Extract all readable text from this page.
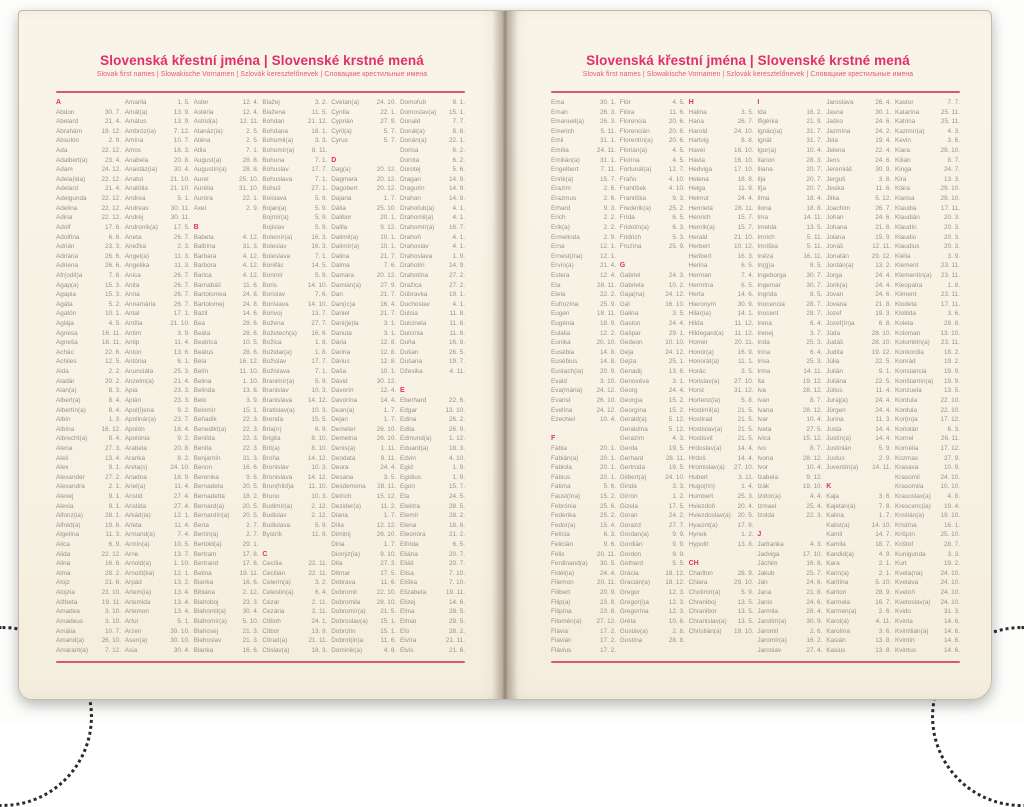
Slovenská křestní jména | Slovenské krstné mená
Slovak first names | Slowakische Vornamen | Szlovák keresztelőnevek | Словацкие крестильные имена
A
Abdon	30. 7.
Abelard	21. 4.
Abrahám	19. 12.
Absolón	2. 9.
Ada	22. 12.
Adalbert(a)	23. 4.
Adam	24. 12.
Adela(ida)	22. 12.
Adelard	21. 4.
Adelgunda	22. 12.
Adelina	22. 12.
Adina	22. 12.
Adolf	17. 6.
Adolfína	6. 6.
Adrián	23. 3.
Adriána	26. 6.
Adriena	26. 6.
Afr(odit)a	7. 8.
Agap(a)	15. 3.
Agapia	15. 3.
Agáta	5. 2.
Agatón	10. 1.
Aglája	4. 5.
Agnesa	16. 11.
Agneša	16. 11.
Achác	22. 6.
Achiles	12. 5.
Aida	2. 2.
Aladár	20. 2.
Alan(a)	8. 3.
Albert(a)	8. 4.
Albertín(a)	8. 4.
Albín	1. 3.
Albína	16. 12.
Albrecht(a)	8. 4.
Alena	27. 3.
Aleš	13. 4.
Alex	9. 1.
Alexander	27. 2.
Alexandra	2. 1.
Alexej	9. 1.
Alexia	9. 1.
Alfonz(ia)	28. 1.
Alfréd(a)	19. 6.
Algelína	11. 3.
Alica	6. 9.
Alida	22. 12.
Alina	16. 6.
Alma	28. 2.
Alojz	21. 6.
Alojzia	23. 10.
Alžbeta	19. 11.
Amadea	3. 10.
Amadeus	3. 10.
Amália	10. 7.
Amand(a)	26. 10.
Amarant(a)	7. 12.
Amarila	1. 5.
Amát(a)	13. 9.
Amátus	13. 9.
Ambróz(ia)	7. 12.
Amína	10. 7.
Amos	16. 3.
Anabela	20. 8.
Anastáz(ia)	30. 4.
Anatol	21. 10.
Anatólia	21. 10.
Andrea	5. 1.
Andreas	30. 11.
Andrej	30. 11.
Andronik(a)	17. 5.
Aneta	26. 7.
Anežka	2. 3.
Angel(a)	11. 3.
Angelika	11. 3.
Anica	26. 7.
Anita	26. 7.
Anna	26. 7.
Annamária	26. 7.
Antal	17. 1.
Antília	21. 10.
Antim	3. 9.
Antip	11. 4.
Anton	13. 6.
Antónia	6. 1.
Anunciáta	25. 3.
Anzelm(a)	21. 4.
Apia	23. 3.
Apián	23. 3.
Apol(i)ena	9. 2.
Apolinár(a)	23. 7.
Apolón	18. 4.
Apolónia	9. 2.
Arabela	20. 8.
Aranka	8. 2.
Areta(s)	24. 10.
Ariadna	18. 9.
Ariel(a)	11. 4.
Aristid	27. 4.
Aristida	27. 4.
Arkád(ia)	12. 1.
Arleta	11. 4.
Armand(a)	7. 4.
Armín(a)	10. 5.
Arne	13. 7.
Arnold(a)	1. 10.
Arnošt(ka)	12. 1.
Arpád	13. 2.
Artem(ia)	13. 4.
Artemida	13. 4.
Artemon	13. 4.
Artur	5. 1.
Arzen	30. 10.
Asen(a)	30. 10.
Asia	30. 4.
Aster	12. 4.
Astéria	12. 4.
Astrid(a)	12. 11.
Atanáz(ia)	2. 5.
Aténa	2. 5.
Atila	7. 1.
August(a)	28. 8.
Augustín(a)	28. 8.
Aurel	25. 10.
Aurélia	31. 10.
Auróra	22. 1.
Axel	2. 9.
B
Babeta	4. 12.
Balbína	31. 3.
Barbara	4. 12.
Barbora	4. 12.
Barica	4. 12.
Barnabáš	11. 6.
Bartolomea	24. 8.
Bartolomej	24. 8.
Bazil	14. 6.
Bea	28. 6.
Beáta	28. 6.
Beatrica	10. 5.
Beátus	28. 6.
Bela	16. 12.
Belín	11. 10.
Belina	1. 10.
Belinda	13. 8.
Belo	3. 9.
Belomír	15. 1.
Beňadik	22. 3.
Benedikt(a)	22. 3.
Benilda	22. 3.
Benita	22. 3.
Benjamín	31. 3.
Benon	16. 6.
Berenika	9. 6.
Bernadeta	20. 5.
Bernadetta	18. 2.
Bernard(a)	20. 5.
Bernardín(a)	20. 5.
Berta	2. 7.
Bertín(a)	2. 7.
Bertold(a)	29. 1.
Bertram	17. 8.
Bertrand	17. 8.
Betina	19. 11.
Bianka	16. 6.
Bibiána	2. 12.
Blahoboj	23. 3.
Blahomil(a)	30. 4.
Blahomír(a)	5. 10.
Blahosej	21. 3.
Blahoslav	21. 3.
Blanka	16. 6.
Blažej	3. 2.
Blažena	11. 5.
Bohdan	21. 12.
Bohdana	18. 1.
Bohumil(a)	3. 3.
Bohumír(a)	8. 11.
Bohuna	7. 1.
Bohuslav	17. 7.
Bohuslava	7. 1.
Bohuš	27. 1.
Boislava	5. 9.
Bojan(a)	5. 9.
Bojmír(a)	5. 9.
Bojislav	5. 9.
Bolemír(a)	16. 3.
Boleslav	16. 3.
Boleslava	7. 1.
Bonifác	14. 5.
Borimír	5. 9.
Boris	14. 10.
Borislav	7. 6.
Borislava	14. 10.
Borivoj	13. 7.
Božena	27. 7.
Božetech(a)	16. 6.
Božica	1. 8.
Božidar(a)	1. 8.
Božislav	17. 7.
Božislava	7. 1.
Branimír(a)	5. 9.
Branislav	10. 3.
Branislava	14. 12.
Bratislav(a)	10. 3.
Brenda	15. 5.
Bria(n)	6. 9.
Brigita	8. 10.
Brit(a)	8. 10.
Broňa	14. 12.
Bronislav	10. 3.
Bronislava	14. 12.
Brun(hild)a	11. 10.
Bruno	10. 3.
Budimír(a)	2. 12.
Budislav	2. 12.
Budislava	5. 9.
Bystrík	11. 9.
C
Cecília	22. 11.
Cecilián	22. 11.
Celerín(a)	3. 2.
Celestín(a)	6. 4.
Cézar	2. 11.
Cezária	2. 11.
Ctiboh	24. 1.
Ctibor	13. 9.
Ctirad(a)	21. 11.
Ctislav(a)	18. 3.
Cvetan(a)	24. 10.
Cyntia	22. 1.
Cyprián	27. 9.
Cyril(a)	5. 7.
Cyrus	5. 7.
D
Dag(a)	20. 12.
Dagmara	20. 12.
Dagobert	20. 12.
Dajana	1. 7.
Dália	25. 10.
Dalibor	20. 1.
Dalila	9. 12.
Dalimil(a)	10. 1.
Dalimír(a)	10. 1.
Dalina	21. 7.
Dalma	7. 6.
Damara	20. 12.
Damián(a)	27. 9.
Dan	21. 7.
Dan(ic)a	16. 4.
Daniel	21. 7.
Dani(je)la	3. 1.
Danuta	3. 1.
Dária	12. 8.
Darina	12. 8.
Dárius	12. 8.
Daša	10. 1.
Dávid	30. 12.
Davorín	12. 4.
Davorína	14. 4.
Dean(a)	1. 7.
Dejan	1. 7.
Demeter	26. 10.
Demetria	26. 10.
Denis(a)	1. 11.
Deodata	9. 11.
Deora	24. 4.
Desana	3. 5.
Desdemona	28. 11.
Detrich	15. 12.
Dezider(a)	11. 2.
Diana	1. 7.
Dília	12. 12.
Dimitrij	26. 10.
Dina	1. 7.
Dionýz(ia)	9. 10.
Dita	27. 3.
Ditmar	17. 5.
Dobrava	11. 6.
Dobromil	22. 10.
Dobromila	28. 10.
Dobromír(a)	21. 5.
Dobroslav(a)	15. 1.
Dobrotín	15. 1.
Dobrot(in)a	11. 6.
Dominik(a)	4. 8.
Domoľub	9. 1.
Domoslav(a)	15. 1.
Donald	7. 7.
Donát(a)	8. 8.
Dorián(a)	22. 1.
Dorisa	6. 2.
Dorota	6. 2.
Dorotej	5. 6.
Dragan	14. 9.
Dragutín	14. 9.
Drahan	14. 9.
Drahoľub(a)	4. 1.
Drahomil(a)	4. 1.
Drahomír(a)	16. 7.
Drahoň	4. 1.
Drahoslav	4. 1.
Drahoslava	1. 9.
Drahotín	14. 9.
Drahotína	27. 2.
Dražica	27. 2.
Dúbravka	19. 1.
Duchoslav	4. 1.
Dulcia	11. 8.
Dulcinela	11. 8.
Dulcínia	11. 8.
Duňa	16. 9.
Dušan	26. 5.
Dušana	19. 7.
Džesika	4. 11.
E
Eberhard	22. 6.
Edgar	13. 10.
Edina	26. 2.
Edita	26. 9.
Edmund(a)	1. 12.
Eduard(a)	18. 3.
Edvin	4. 10.
Egid	1. 9.
Egidius	1. 9.
Egon	15. 7.
Ela	24. 5.
Elektra	28. 5.
Elemír	28. 2.
Elena	18. 8.
Eleonóra	21. 2.
Elfrída	6. 5.
Eliána	20. 7.
Eliáš	20. 7.
Elisa	7. 10.
Eliška	7. 10.
Elizabeta	19. 11.
Elizej	14. 6.
Elma	28. 5.
Elmar	29. 5.
Elo	28. 2.
Elvíra	21. 11.
Elvis	21. 6.
Slovenská křestní jména | Slovenské krstné mená
Slovak first names | Slowakische Vornamen | Szlovák keresztelőnevek | Словацкие крестильные имена
Ema	30. 1.
Eman	26. 3.
Emanuel(a)	26. 3.
Emerich	5. 11.
Emil	31. 1.
Emília	24. 11.
Emilián(a)	31. 1.
Engelbert	7. 11.
Enrik(a)	15. 7.
Erazim	2. 6.
Erazmus	2. 6.
Erhard	9. 3.
Erich	2. 2.
Erik(a)	2. 2.
Ermelinda	2. 9.
Erna	12. 1.
Ernest(ína)	12. 1.
Ervín(a)	21. 4.
Estera	12. 4.
Eta	28. 11.
Etela	22. 2.
Eufrozína	25. 9.
Eugen	18. 11.
Eugénia	18. 9.
Eulália	12. 2.
Eunika	20. 10.
Eusébia	14. 8.
Eusébius	14. 8.
Eustach(ia)	20. 9.
Evald	3. 10.
Eva(mária)	24. 12.
Evarist	26. 10.
Evelína	24. 12.
Ezechiel	10. 4.
F
Fábia	20. 1.
Fabián(a)	20. 1.
Fabiola	20. 1.
Fábius	20. 1.
Fatima	5. 6.
Faust(ína)	15. 2.
Febrónia	25. 6.
Federika	25. 2.
Fedor(a)	15. 4.
Felícia	6. 3.
Felicián	9. 6.
Félix	20. 11.
Ferdinand(a)	30. 5.
Fidél(ia)	24. 4.
Filemon	20. 11.
Filibert	20. 9.
Filip(a)	23. 8.
Filipína	23. 8.
Filomén(a)	27. 12.
Flávia	17. 2.
Flavián	17. 2.
Flávius	17. 2.
Flór	4. 5.
Flóra	11. 6.
Florencia	20. 6.
Florencián	20. 6.
Florentín(a)	20. 6.
Florián(a)	4. 5.
Florína	4. 5.
Fortunát(a)	12. 7.
Fraňo	4. 10.
František	4. 10.
Františka	9. 3.
Frederik(a)	25. 2.
Frída	6. 5.
Fridolín(a)	6. 3.
Fridrich	5. 3.
Fruzína	25. 9.
G
Gabriel	24. 3.
Gabriela	10. 2.
Gaja(na)	24. 12.
Gál	16. 10.
Galina	3. 5.
Gaston	24. 4.
Gašpar	29. 1.
Gedeon	10. 10.
Geja	24. 12.
Gejza	25. 1.
Genadij	13. 6.
Genovéva	3. 1.
Georg	24. 4.
Georgia	15. 2.
Georgína	15. 2.
Gerald(a)	5. 12.
Geraldína	5. 12.
Gerazim	4. 3.
Gerda	19. 5.
Gerhard	28. 11.
Gertrúda	19. 5.
Gilbert(a)	24. 10.
Ginda	3. 3.
Girron	1. 2.
Gizela	17. 5.
Goran	24. 2.
Gorazd	27. 7.
Gordan(a)	9. 9.
Gordián	9. 9.
Gordon	9. 9.
Gothard	5. 5.
Grácia	18. 12.
Gracián(a)	18. 12.
Gregor	12. 3.
Gregor(i)a	12. 3.
Gregorína	12. 3.
Gréta	10. 6.
Gustáv(a)	2. 8.
Gustína	28. 8.
H
Halina	3. 5.
Hana	26. 7.
Harold	24. 10.
Hartvig	8. 8.
Havel	16. 10.
Havla	16. 10.
Hedviga	17. 10.
Helena	18. 8.
Helga	11. 9.
Helmut	24. 4.
Henrieta	28. 11.
Henrich	15. 7.
Henrik(a)	15. 7.
Herald	21. 10.
Herbert	10. 12.
Heribert	16. 3.
Herina	6. 5.
Herman	7. 4.
Hermína	6. 5.
Herta	14. 6.
Hieronym	30. 9.
Hilár(ia)	14. 1.
Hilda	11. 12.
Hildegard(a)	11. 12.
Homér	20. 11.
Honór(a)	16. 9.
Honorát(a)	11. 1.
Horác	3. 5.
Horislav(a)	27. 10.
Horst	31. 12.
Hortenz(ia)	5. 8.
Hostimil(a)	21. 5.
Hostirad	21. 5.
Hostislav(a)	21. 5.
Hostisvit	21. 5.
Hrdoslav(a)	14. 4.
Hrdoš	14. 4.
Hromislav(a)	27. 10.
Hubert	3. 11.
Hugo(lín)	1. 4.
Humbert	25. 3.
Hviezdoň	20. 4.
Hviezdoslav(a)	20. 5.
Hyacint(a)	17. 8.
Hynek	1. 2.
Hypolit	13. 8.
CH
Charlton	28. 9.
Chiara	29. 10.
Chotimír(a)	5. 9.
Chraniboj	13. 5.
Chranibor	13. 5.
Chranislav(a)	13. 5.
Christián(a)	19. 10.
I
Ida	16. 2.
Ifigénia	21. 9.
Ignác(ia)	31. 7.
Ignát	31. 7.
Igor(a)	10. 4.
Ilarion	28. 3.
Iliana	20. 7.
Ilja	20. 7.
Iľja	20. 7.
Ilma	18. 4.
Ilona	18. 8.
Ima	14. 11.
Imelda	13. 5.
Imrich	5. 11.
Imriška	5. 11.
Inéza	16. 11.
In(g)a	8. 5.
Ingeborga	30. 7.
Ingemar	30. 7.
Ingrida	8. 5.
Inocencia	28. 7.
Inocent	28. 7.
Irena	6. 4.
Irenej	3. 7.
Irida	25. 3.
Irína	6. 4.
Irisa	25. 3.
Irma	14. 11.
Ita	19. 12.
Iva	28. 12.
Ivan	8. 7.
Ivana	28. 12.
Ivar	10. 4.
Iveta	27. 5.
Ivica	15. 12.
Ivo	8. 7.
Ivona	28. 12.
Ivor	10. 4.
Izabela	9. 12.
Izák	19. 10.
Izidor(a)	4. 4.
Izmael	25. 4.
Izolda	22. 3.
J
Jadranka	4. 3.
Jadviga	17. 10.
Jáchim	16. 8.
Jakub	25. 7.
Ján	24. 6.
Jana	21. 8.
Janis	24. 6.
Jarmila	28. 4.
Jarolím(a)	30. 9.
Jaromil	2. 6.
Jaromír(a)	16. 2.
Jaroslav	27. 4.
Jaroslava	26. 4.
Jasna	30. 1.
Jaško	24. 6.
Jazmína	24. 2.
Jela	19. 4.
Jelena	22. 4.
Jens	24. 6.
Jeremiáš	30. 9.
Jerguš	3. 8.
Jesika	11. 6.
Jitka	5. 12.
Joachim	26. 7.
Johan	24. 6.
Johana	21. 8.
Jolana	15. 9.
Jonáš	12. 11.
Jonatán	29. 12.
Jordán(a)	13. 2.
Jorga	24. 4.
Jorik(a)	24. 4.
Jovan	24. 6.
Jovana	21. 8.
Jozef	19. 3.
Jozef(ín)a	6. 8.
Júda	28. 10.
Judáš	28. 10.
Judita	19. 12.
Júlia	22. 5.
Julián	9. 1.
Juliána	22. 5.
Július	11. 4.
Juraj(a)	24. 4.
Jürgen	24. 4.
Jurina	11. 3.
Justa	14. 4.
Justín(a)	14. 4.
Justinián	5. 9.
Justus	2. 9.
Juventín(a)	14. 11.
K
Kaja	3. 6.
Kajetán(a)	7. 8.
Kalina	1. 7.
Kalist(a)	14. 10.
Kamil	14. 7.
Kamila	18. 7.
Kandid(a)	4. 9.
Kara	2. 1.
Karin(a)	2. 1.
Karitína	5. 10.
Kariton	28. 9.
Karmela	16. 7.
Karmen(a)	2. 6.
Karol(a)	4. 11.
Karolína	3. 6.
Kasián	13. 8.
Kasius	13. 8.
Kastor	7. 7.
Katarína	25. 11.
Katrina	25. 11.
Kazimír(a)	4. 3.
Kevin	3. 6.
Kiara	29. 10.
Kilián	8. 7.
Kinga	24. 7.
Kira	13. 3.
Klára	29. 10.
Klarisa	29. 10.
Klaudia	17. 11.
Klaudián	20. 3.
Klaudín	20. 3.
Klaudio	20. 3.
Klaudius	20. 3.
Klélia	3. 9.
Klement	23. 11.
Klementín(a)	23. 11.
Kleopatra	1. 8.
Kliment	23. 11.
Klodeta	17. 11.
Klotilda	3. 6.
Koleta	29. 8.
Koloman	13. 10.
Kolumbín(a)	23. 11.
Konkordia	18. 2.
Konrád	19. 2.
Konstancia	19. 9.
Konštantín(a)	19. 9.
Konzuela	13. 5.
Kordula	22. 10.
Kordula	22. 10.
Kor(in)a	17. 12.
Koriolán	6. 3.
Kornel	26. 11.
Kornélia	17. 12.
Kozmas	27. 9.
Krasava	10. 9.
Krasomil	24. 10.
Krasomila	10. 10.
Krasoslav(a)	4. 8.
Krescenc(ia)	19. 4.
Kristián(a)	19. 10.
Kristína	16. 1.
Krišpín	25. 10.
Krištof	28. 7.
Kunigunda	3. 3.
Kurt	19. 2.
Kveta(na)	24. 10.
Kvetava	24. 10.
Kvetoň	24. 10.
Kvetoslav(a)	24. 10.
Kvido	31. 3.
Kvinta	14. 6.
Kvintilián(a)	14. 6.
Kvintín	14. 6.
Kvintus	14. 6.
